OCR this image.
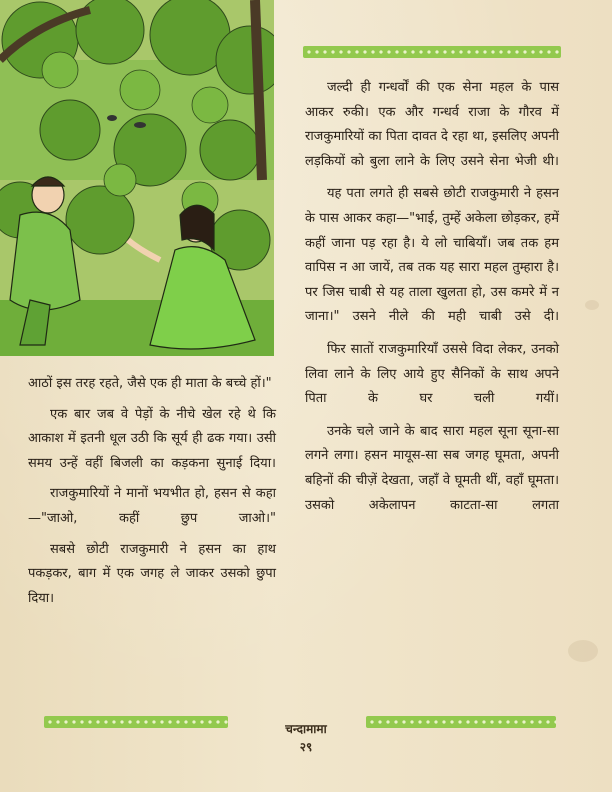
जल्दी ही गन्धर्वों की एक सेना महल के पास आकर रुकी। एक और गन्धर्व राजा के गौरव में राजकुमारियों का पिता दावत दे रहा था, इसलिए अपनी लड़कियों को बुला लाने के लिए उसने सेना भेजी थी।

यह पता लगते ही सबसे छोटी राजकुमारी ने हसन के पास आकर कहा—"भाई, तुम्हें अकेला छोड़कर, हमें कहीं जाना पड़ रहा है। ये लो चाबियाँ। जब तक हम वापिस न आ जायें, तब तक यह सारा महल तुम्हारा है। पर जिस चाबी से यह ताला खुलता हो, उस कमरे में न जाना।" उसने नीले की मही चाबी उसे दी।

फिर सातों राजकुमारियाँ उससे विदा लेकर, उनको लिवा लाने के लिए आये हुए सैनिकों के साथ अपने पिता के घर चली गयीं।

उनके चले जाने के बाद सारा महल सूना सूना-सा लगने लगा। हसन मायूस-सा सब जगह घूमता, अपनी बहिनों की चीज़ें देखता, जहाँ वे घूमती थीं, वहाँ घूमता। उसको अकेलापन काटता-सा लगता

आठों इस तरह रहते, जैसे एक ही माता के बच्चे हों।"

एक बार जब वे पेड़ों के नीचे खेल रहे थे कि आकाश में इतनी धूल उठी कि सूर्य ही ढक गया। उसी समय उन्हें वहीं बिजली का कड़कना सुनाई दिया।

राजकुमारियों ने मानों भयभीत हो, हसन से कहा—"जाओ, कहीं छुप जाओ।"

सबसे छोटी राजकुमारी ने हसन का हाथ पकड़कर, बाग में एक जगह ले जाकर उसको छुपा दिया।

चन्दामामा
२९
